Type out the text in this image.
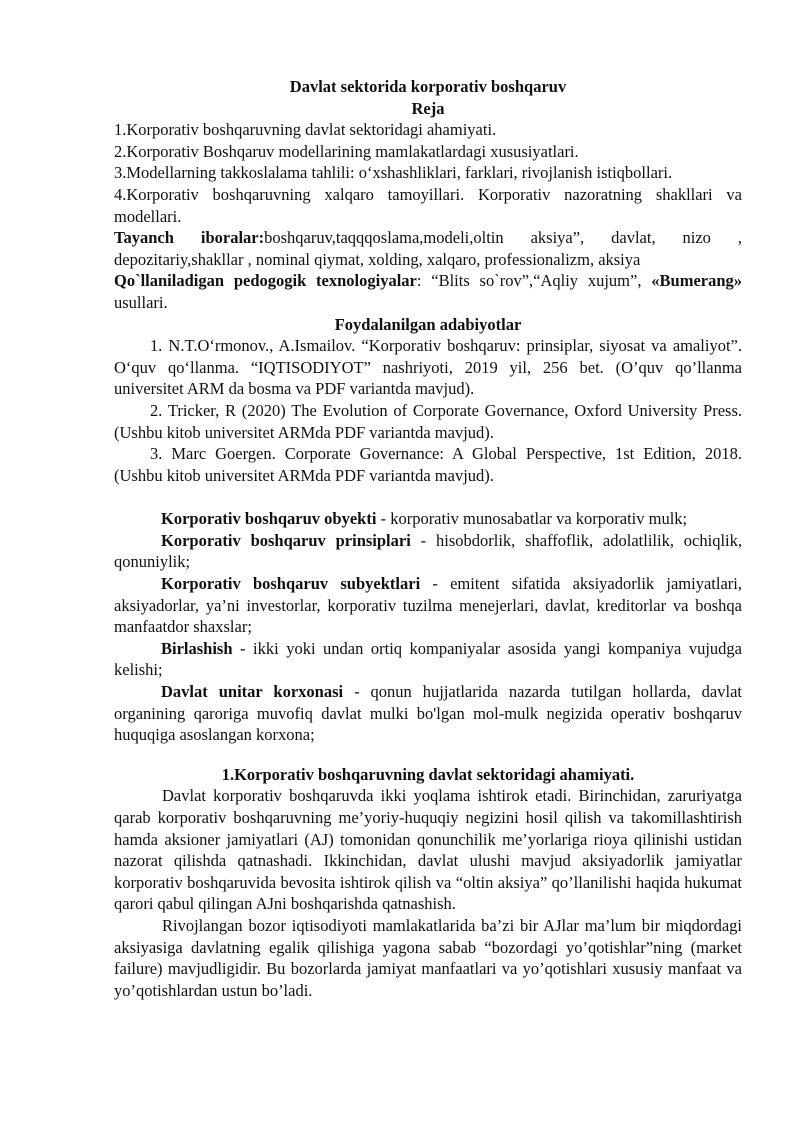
Davlat sektorida korporativ boshqaruv
Reja

1.Korporativ boshqaruvning davlat sektoridagi ahamiyati.

2.Korporativ Boshqaruv modellarining mamlakatlardagi xususiyatlari.

3.Modellarning takkoslalama tahlili: o‘xshashliklari, farklari, rivojlanish istiqbollari.

4.Korporativ boshqaruvning xalqaro tamoyillari. Korporativ nazoratning shakllari va modellari.

Tayanch iboralar:boshqaruv,taqqqoslama,modeli,oltin aksiya”, davlat, nizo , depozitariy,shakllar , nominal qiymat, xolding, xalqaro, professionalizm, aksiya

Qo`llaniladigan pedogogik texnologiyalar: “Blits so`rov”,“Aqliy xujum”, «Bumerang» usullari.

Foydalanilgan adabiyotlar

1. N.T.O‘rmonov., A.Ismailov. “Korporativ boshqaruv: prinsiplar, siyosat va amaliyot”. O‘quv qo‘llanma. “IQTISODIYOT” nashriyoti, 2019 yil, 256 bet. (O’quv qo’llanma universitet ARM da bosma va PDF variantda mavjud).

2. Tricker, R (2020) The Evolution of Corporate Governance, Oxford University Press. (Ushbu kitob universitet ARMda PDF variantda mavjud).

3. Marc Goergen. Corporate Governance: A Global Perspective, 1st Edition, 2018. (Ushbu kitob universitet ARMda PDF variantda mavjud).

Korporativ boshqaruv obyekti - korporativ munosabatlar va korporativ mulk;

Korporativ boshqaruv prinsiplari - hisobdorlik, shaffoflik, adolatlilik, ochiqlik, qonuniylik;

Korporativ boshqaruv subyektlari - emitent sifatida aksiyadorlik jamiyatlari, aksiyadorlar, ya’ni investorlar, korporativ tuzilma menejerlari, davlat, kreditorlar va boshqa manfaatdor shaxslar;

Birlashish - ikki yoki undan ortiq kompaniyalar asosida yangi kompaniya vujudga kelishi;

Davlat unitar korxonasi - qonun hujjatlarida nazarda tutilgan hollarda, davlat organining qaroriga muvofiq davlat mulki bo'lgan mol-mulk negizida operativ boshqaruv huquqiga asoslangan korxona;

1.Korporativ boshqaruvning davlat sektoridagi ahamiyati.

Davlat korporativ boshqaruvda ikki yoqlama ishtirok etadi. Birinchidan, zaruriyatga qarab korporativ boshqaruvning me’yoriy-huquqiy negizini hosil qilish va takomillashtirish hamda aksioner jamiyatlari (AJ) tomonidan qonunchilik me’yorlariga rioya qilinishi ustidan nazorat qilishda qatnashadi. Ikkinchidan, davlat ulushi mavjud aksiyadorlik jamiyatlar korporativ boshqaruvida bevosita ishtirok qilish va “oltin aksiya” qo’llanilishi haqida hukumat qarori qabul qilingan AJni boshqarishda qatnashish.

Rivojlangan bozor iqtisodiyoti mamlakatlarida ba’zi bir AJlar ma’lum bir miqdordagi aksiyasiga davlatning egalik qilishiga yagona sabab “bozordagi yo’qotishlar”ning (market failure) mavjudligidir. Bu bozorlarda jamiyat manfaatlari va yo’qotishlari xususiy manfaat va yo’qotishlardan ustun bo’ladi.
